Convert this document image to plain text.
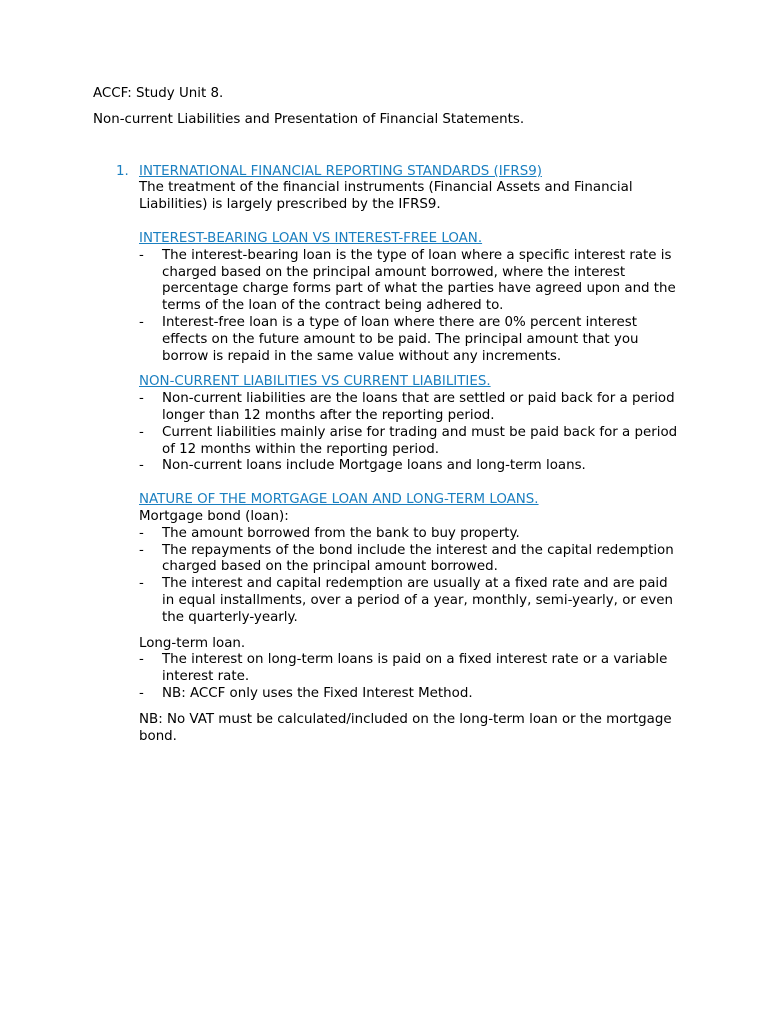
ACCF: Study Unit 8.

Non-current Liabilities and Presentation of Financial Statements.

1. INTERNATIONAL FINANCIAL REPORTING STANDARDS (IFRS9)

The treatment of the financial instruments (Financial Assets and Financial Liabilities) is largely prescribed by the IFRS9.

INTEREST-BEARING LOAN VS INTEREST-FREE LOAN.

- The interest-bearing loan is the type of loan where a specific interest rate is charged based on the principal amount borrowed, where the interest percentage charge forms part of what the parties have agreed upon and the terms of the loan of the contract being adhered to.
- Interest-free loan is a type of loan where there are 0% percent interest effects on the future amount to be paid. The principal amount that you borrow is repaid in the same value without any increments.

NON-CURRENT LIABILITIES VS CURRENT LIABILITIES.

- Non-current liabilities are the loans that are settled or paid back for a period longer than 12 months after the reporting period.
- Current liabilities mainly arise for trading and must be paid back for a period of 12 months within the reporting period.
- Non-current loans include Mortgage loans and long-term loans.

NATURE OF THE MORTGAGE LOAN AND LONG-TERM LOANS.

Mortgage bond (loan):

- The amount borrowed from the bank to buy property.
- The repayments of the bond include the interest and the capital redemption charged based on the principal amount borrowed.
- The interest and capital redemption are usually at a fixed rate and are paid in equal installments, over a period of a year, monthly, semi-yearly, or even the quarterly-yearly.

Long-term loan.

- The interest on long-term loans is paid on a fixed interest rate or a variable interest rate.
- NB: ACCF only uses the Fixed Interest Method.

NB: No VAT must be calculated/included on the long-term loan or the mortgage bond.
